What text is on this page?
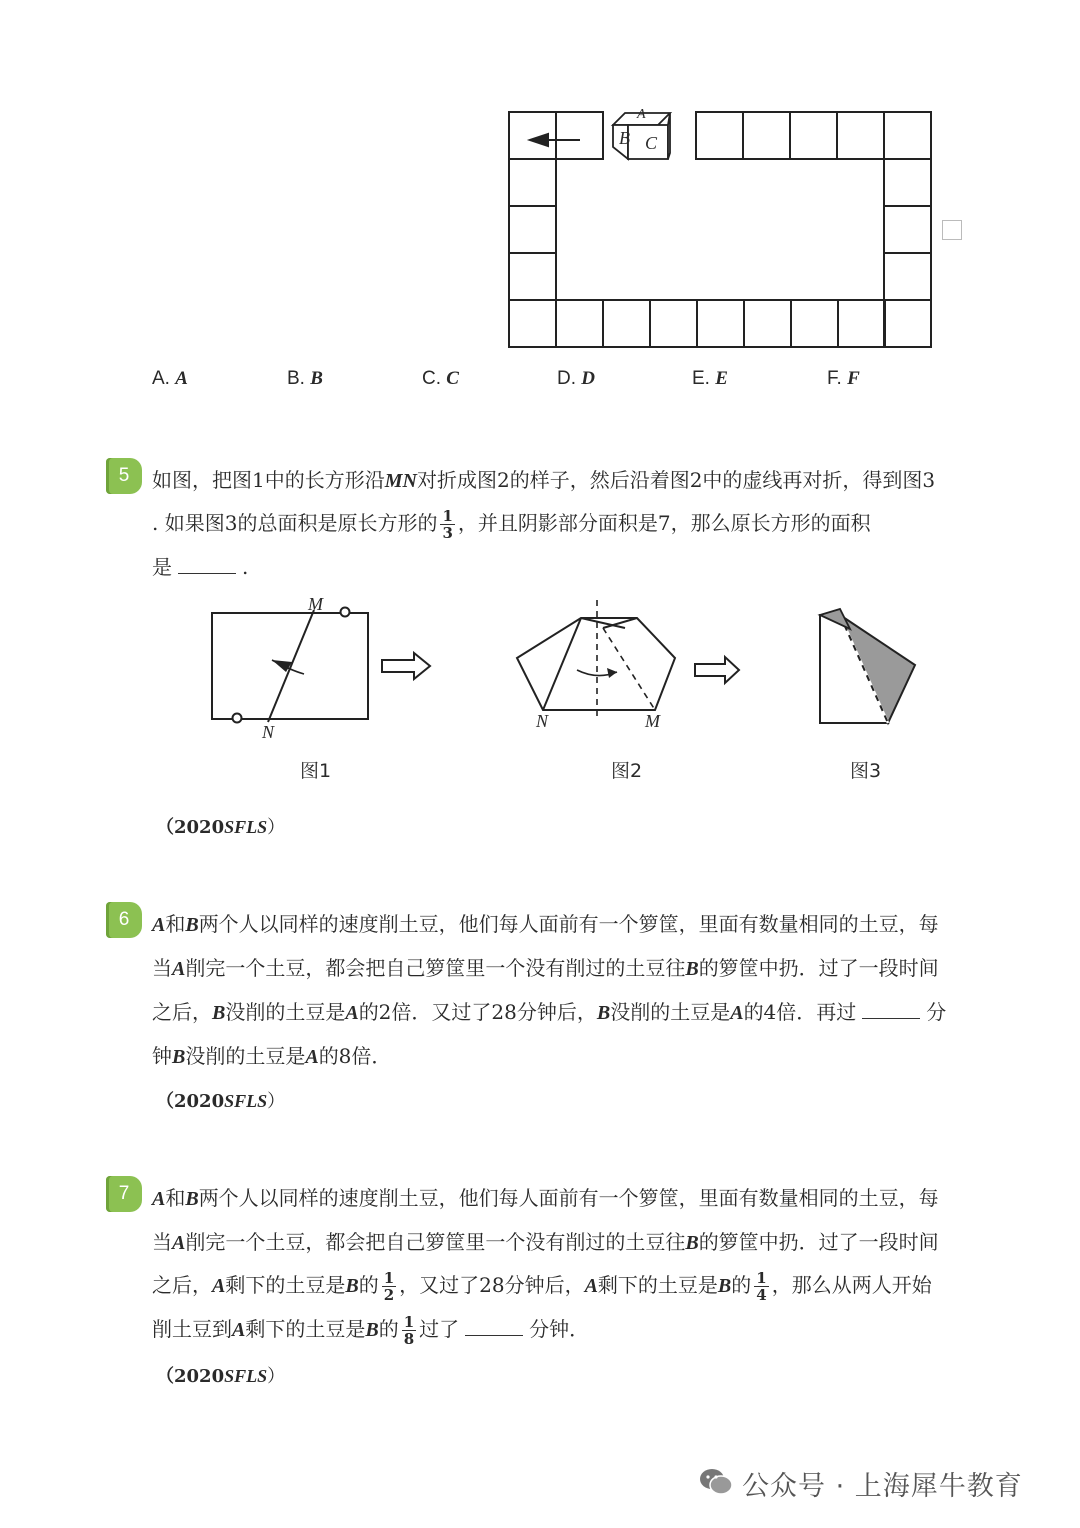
A
B C
A. A	B. B	C. C	D. D	E. E	F. F
5	如图，把图1中的长方形沿MN对折成图2的样子，然后沿着图2中的虚线再对折，得到图3
. 如果图3的总面积是原长方形的 $\frac{1}{3}$ ，并且阴影部分面积是7，那么原长方形的面积
是	.
M
N
N	M
图1	图2	图3
（2020SFLS）
6	A和B两个人以同样的速度削土豆，他们每人面前有一个箩筐，里面有数量相同的土豆，每
当A削完一个土豆，都会把自己箩筐里一个没有削过的土豆往B的箩筐中扔．过了一段时间
之后，B没削的土豆是A的2倍．又过了28分钟后，B没削的土豆是A的4倍．再过	分
钟B没削的土豆是A的8倍．
（2020SFLS）
7	A和B两个人以同样的速度削土豆，他们每人面前有一个箩筐，里面有数量相同的土豆，每
当A削完一个土豆，都会把自己箩筐里一个没有削过的土豆往B的箩筐中扔．过了一段时间
之后，A剩下的土豆是B的 $\frac{1}{2}$ ，又过了28分钟后，A剩下的土豆是B的 $\frac{1}{4}$ ，那么从两人开始
削土豆到A剩下的土豆是B的 $\frac{1}{8}$ 过了	分钟．
（2020SFLS）
公众号 · 上海犀牛教育
